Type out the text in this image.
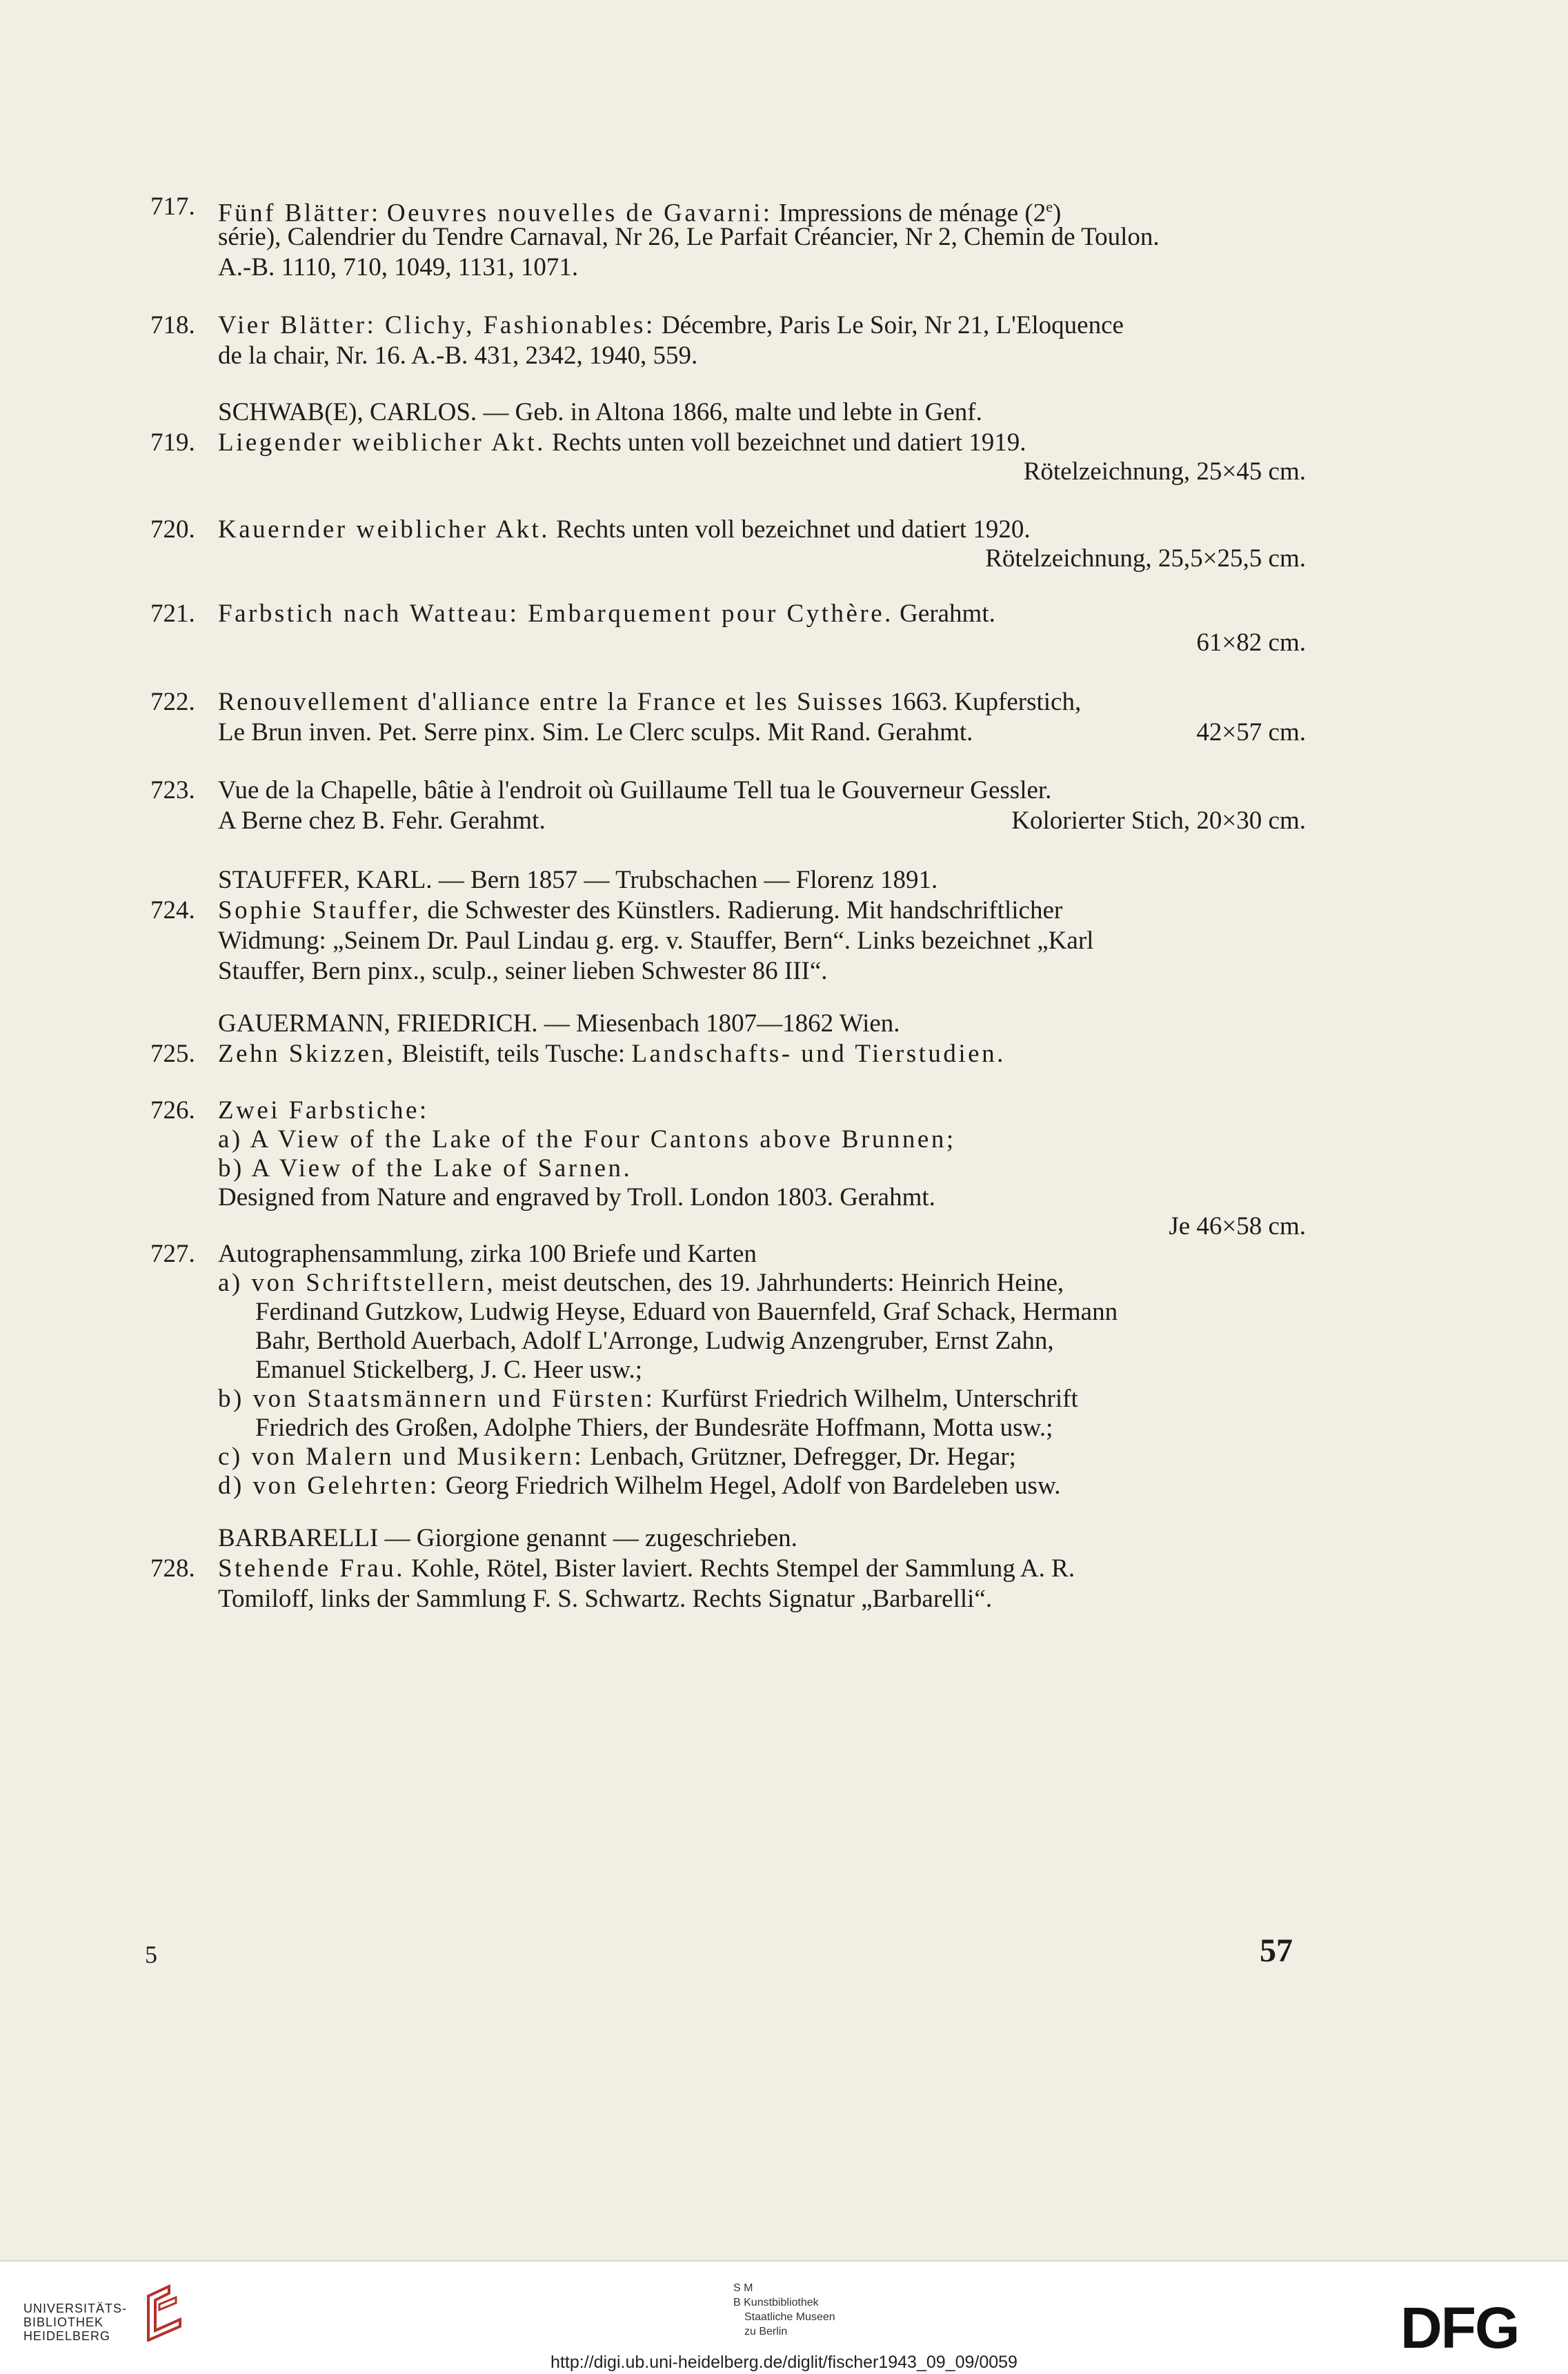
717. Fünf Blätter: Oeuvres nouvelles de Gavarni: Impressions de ménage (2e)
série), Calendrier du Tendre Carnaval, Nr 26, Le Parfait Créancier, Nr 2, Chemin de Toulon.
A.-B. 1110, 710, 1049, 1131, 1071.
718. Vier Blätter: Clichy, Fashionables: Décembre, Paris Le Soir, Nr 21, L'Eloquence
de la chair, Nr. 16. A.-B. 431, 2342, 1940, 559.
SCHWAB(E), CARLOS. — Geb. in Altona 1866, malte und lebte in Genf.
719. Liegender weiblicher Akt. Rechts unten voll bezeichnet und datiert 1919.
Rötelzeichnung, 25×45 cm.
720. Kauernder weiblicher Akt. Rechts unten voll bezeichnet und datiert 1920.
Rötelzeichnung, 25,5×25,5 cm.
721. Farbstich nach Watteau: Embarquement pour Cythère. Gerahmt.
61×82 cm.
722. Renouvellement d'alliance entre la France et les Suisses 1663. Kupferstich,
Le Brun inven. Pet. Serre pinx. Sim. Le Clerc sculps. Mit Rand. Gerahmt.	42×57 cm.
723. Vue de la Chapelle, bâtie à l'endroit où Guillaume Tell tua le Gouverneur Gessler.
A Berne chez B. Fehr. Gerahmt.	Kolorierter Stich, 20×30 cm.
STAUFFER, KARL. — Bern 1857 — Trubschachen — Florenz 1891.
724. Sophie Stauffer, die Schwester des Künstlers. Radierung. Mit handschriftlicher
Widmung: „Seinem Dr. Paul Lindau g. erg. v. Stauffer, Bern“. Links bezeichnet „Karl
Stauffer, Bern pinx., sculp., seiner lieben Schwester 86 III“.
GAUERMANN, FRIEDRICH. — Miesenbach 1807—1862 Wien.
725. Zehn Skizzen, Bleistift, teils Tusche: Landschafts- und Tierstudien.
726. Zwei Farbstiche:
a) A View of the Lake of the Four Cantons above Brunnen;
b) A View of the Lake of Sarnen.
Designed from Nature and engraved by Troll. London 1803. Gerahmt.
Je 46×58 cm.
727. Autographensammlung, zirka 100 Briefe und Karten
a) von Schriftstellern, meist deutschen, des 19. Jahrhunderts: Heinrich Heine,
Ferdinand Gutzkow, Ludwig Heyse, Eduard von Bauernfeld, Graf Schack, Hermann
Bahr, Berthold Auerbach, Adolf L'Arronge, Ludwig Anzengruber, Ernst Zahn,
Emanuel Stickelberg, J. C. Heer usw.;
b) von Staatsmännern und Fürsten: Kurfürst Friedrich Wilhelm, Unterschrift
Friedrich des Großen, Adolphe Thiers, der Bundesräte Hoffmann, Motta usw.;
c) von Malern und Musikern: Lenbach, Grützner, Defregger, Dr. Hegar;
d) von Gelehrten: Georg Friedrich Wilhelm Hegel, Adolf von Bardeleben usw.
BARBARELLI — Giorgione genannt — zugeschrieben.
728. Stehende Frau. Kohle, Rötel, Bister laviert. Rechts Stempel der Sammlung A. R.
Tomiloff, links der Sammlung F. S. Schwartz. Rechts Signatur „Barbarelli“.
5	57
UNIVERSITÄTS-
BIBLIOTHEK
HEIDELBERG
S M
B Kunstbibliothek
Staatliche Museen
zu Berlin	DFG
http://digi.ub.uni-heidelberg.de/diglit/fischer1943_09_09/0059
